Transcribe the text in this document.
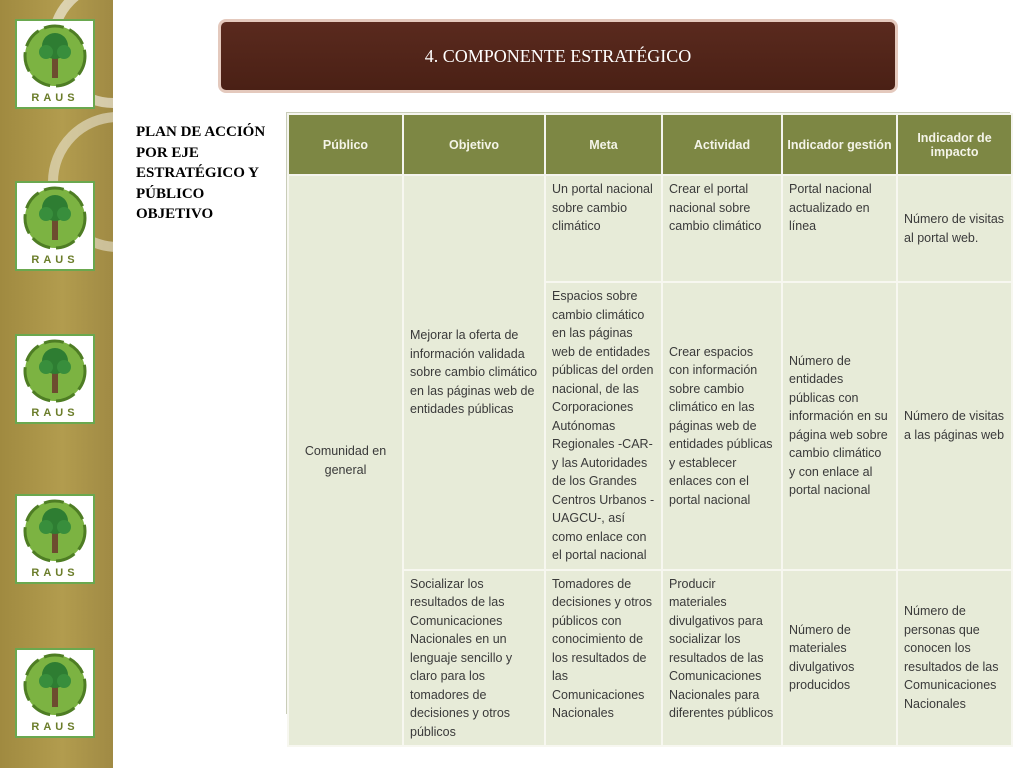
RAUS
RAUS
RAUS
RAUS
RAUS
4. COMPONENTE ESTRATÉGICO
PLAN DE ACCIÓN POR EJE ESTRATÉGICO Y PÚBLICO OBJETIVO
Público	Objetivo	Meta	Actividad	Indicador gestión	Indicador de impacto
Comunidad en general	Mejorar la oferta de información validada sobre cambio climático en las páginas web de entidades públicas	Un portal nacional sobre cambio climático	Crear el portal nacional sobre cambio climático	Portal nacional actualizado en línea	Número de visitas al portal web.
		Espacios sobre cambio climático en las páginas web de entidades públicas del orden nacional, de las Corporaciones Autónomas Regionales -CAR- y las Autoridades de los Grandes Centros Urbanos - UAGCU-, así como enlace con el portal nacional	Crear espacios con información sobre cambio climático en las páginas web de entidades públicas y establecer enlaces con el portal nacional	Número de entidades públicas con información en su página web sobre cambio climático y con enlace al portal nacional	Número de visitas a las páginas web
	Socializar los resultados de las Comunicaciones Nacionales en un lenguaje sencillo y claro para los tomadores de decisiones y otros públicos	Tomadores de decisiones y otros públicos con conocimiento de los resultados de las Comunicaciones Nacionales	Producir materiales divulgativos para socializar los resultados de las Comunicaciones Nacionales para diferentes públicos	Número de materiales divulgativos producidos	Número de personas que conocen los resultados de las Comunicaciones Nacionales
